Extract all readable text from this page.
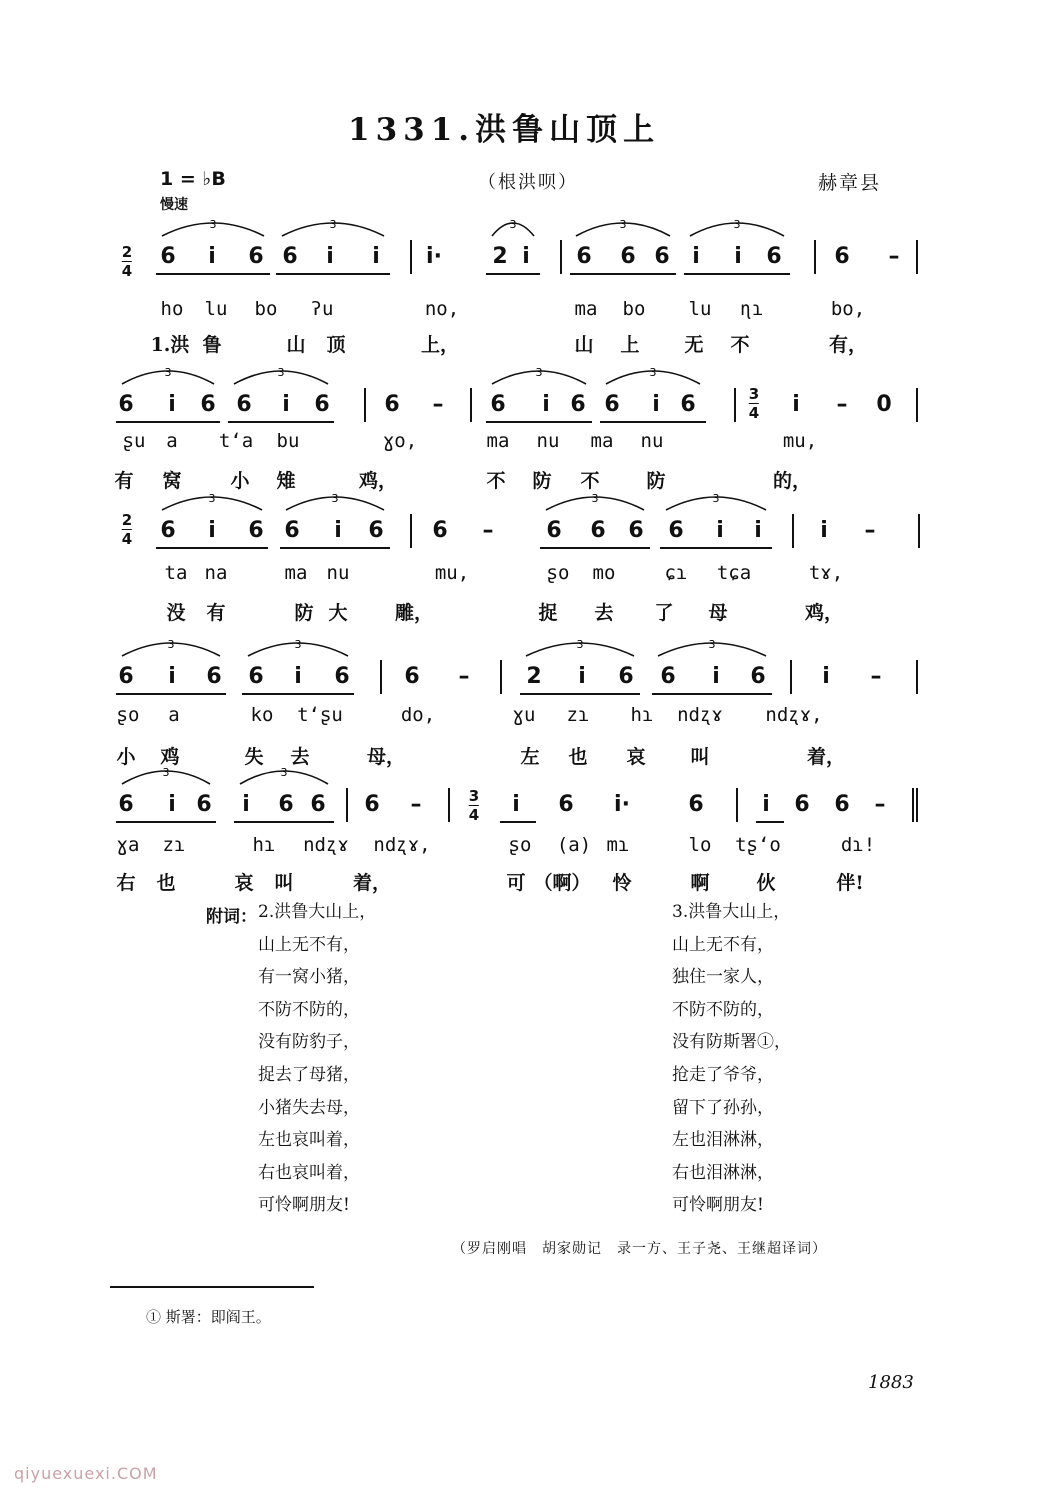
1331.洪鲁山顶上
1 = ♭B
慢速
（根洪呗）	赫章县
6 i 6 6 i i i· 2 i 6 6 6 i i 6 6 –
ho lu bo ʔu	no,	ma bo lu ɳɿ	bo,
1.洪 鲁	山 顶	上，	山 上 无 不	有，
6 i 6 6 i 6 6 – 6 i 6 6 i 6	i – 0
ʂu a tʻa bu	ɣo,	ma nu ma nu	mu,
有 窝	小 雉	鸡，	不 防 不 防	的，
6 i 6 6 i 6 6 – 6 6 6 6 i i	i –
ta na	ma nu	mu,	ʂo mo	ɕɿ tɕa	tɤ,
没 有	防 大 雕，	捉 去 了 母	鸡，
6 i 6 6 i 6 6 –	2 i 6 6 i 6	i –
ʂo a	ko tʻʂu	do,	ɣu zɿ hɿ ndʐɤ ndʐɤ,
小 鸡	失 去	母，	左 也 哀 叫	着，
6 i 6 i 6 6 6 –	i 6 i·	6	i 6 6 –
ɣa zɿ	hɿ ndʐɤ ndʐɤ,	ʂo (a) mɿ	lo tʂʻo	dɿ!
右 也	哀 叫	着，	可 （啊） 怜	啊 伙	伴!
2
4
3
4
2
4
3
4
3	3	3	3	3
3	3	3	3
3	3	3	3
3	3	3	3
3	3
附词： 2.洪鲁大山上，
山上无不有，
有一窝小猪，
不防不防的，
没有防豹子，
捉去了母猪，
小猪失去母，
左也哀叫着，
右也哀叫着，
可怜啊朋友!
3.洪鲁大山上，
山上无不有，
独住一家人，
不防不防的，
没有防斯署①，
抢走了爷爷，
留下了孙孙，
左也泪淋淋，
右也泪淋淋，
可怜啊朋友!
（罗启刚唱　胡家勋记　录一方、王子尧、王继超译词）
① 斯署：即阎王。
1883
qiyuexuexi.COM
